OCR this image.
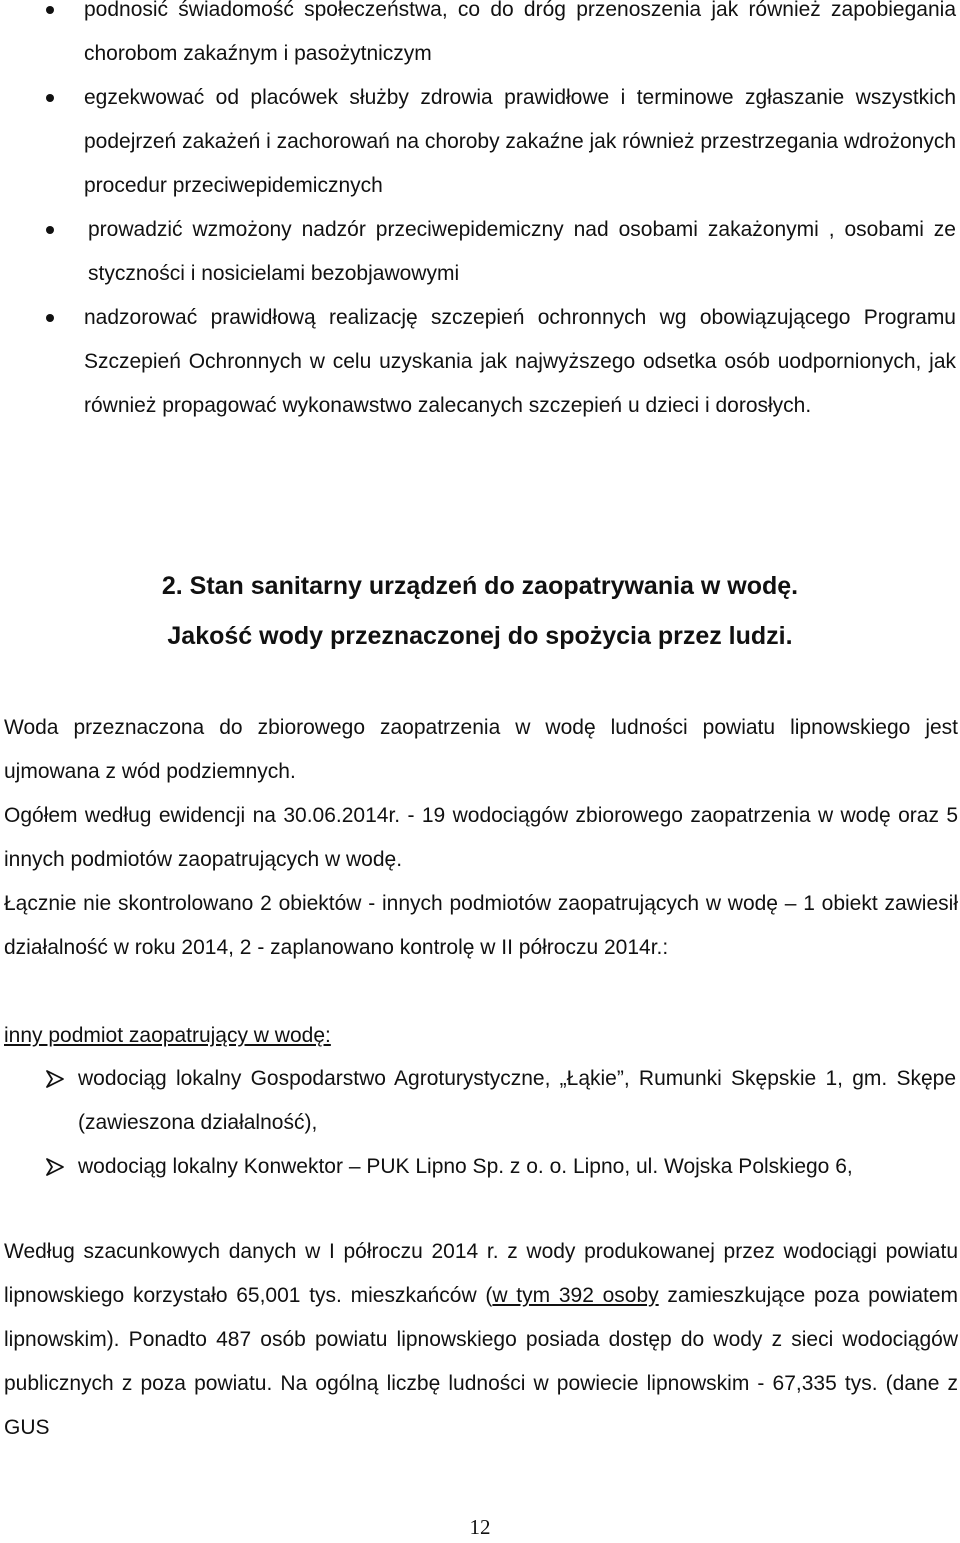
podnosić świadomość społeczeństwa, co do dróg przenoszenia jak również zapobiegania chorobom zakaźnym i pasożytniczym
egzekwować od placówek służby zdrowia prawidłowe i terminowe zgłaszanie wszystkich podejrzeń zakażeń i zachorowań na choroby zakaźne jak również przestrzegania wdrożonych procedur przeciwepidemicznych
prowadzić wzmożony nadzór przeciwepidemiczny nad osobami zakażonymi , osobami ze styczności i nosicielami bezobjawowymi
nadzorować prawidłową realizację szczepień ochronnych wg obowiązującego Programu Szczepień Ochronnych w celu uzyskania jak najwyższego odsetka osób uodpornionych, jak również propagować wykonawstwo zalecanych szczepień u dzieci i dorosłych.
2. Stan sanitarny urządzeń do zaopatrywania w wodę.
Jakość wody przeznaczonej do spożycia przez ludzi.

Woda przeznaczona do zbiorowego zaopatrzenia w wodę ludności powiatu lipnowskiego jest ujmowana z wód podziemnych.

Ogółem według ewidencji na 30.06.2014r. - 19 wodociągów zbiorowego zaopatrzenia w wodę oraz 5 innych podmiotów zaopatrujących w wodę.

Łącznie nie skontrolowano 2 obiektów - innych podmiotów zaopatrujących w wodę – 1 obiekt zawiesił działalność w roku 2014, 2 - zaplanowano kontrolę w II półroczu 2014r.:

inny podmiot zaopatrujący w wodę:

wodociąg lokalny Gospodarstwo Agroturystyczne, „Łąkie”, Rumunki Skępskie 1, gm. Skępe (zawieszona działalność),
wodociąg lokalny Konwektor – PUK Lipno Sp. z o. o. Lipno, ul. Wojska Polskiego 6,

Według szacunkowych danych w I półroczu 2014 r. z wody produkowanej przez wodociągi powiatu lipnowskiego korzystało 65,001 tys. mieszkańców (w tym 392 osoby zamieszkujące poza powiatem lipnowskim). Ponadto 487 osób powiatu lipnowskiego posiada dostęp do wody z sieci wodociągów publicznych z poza powiatu. Na ogólną liczbę ludności w powiecie lipnowskim - 67,335 tys. (dane z GUS

12
